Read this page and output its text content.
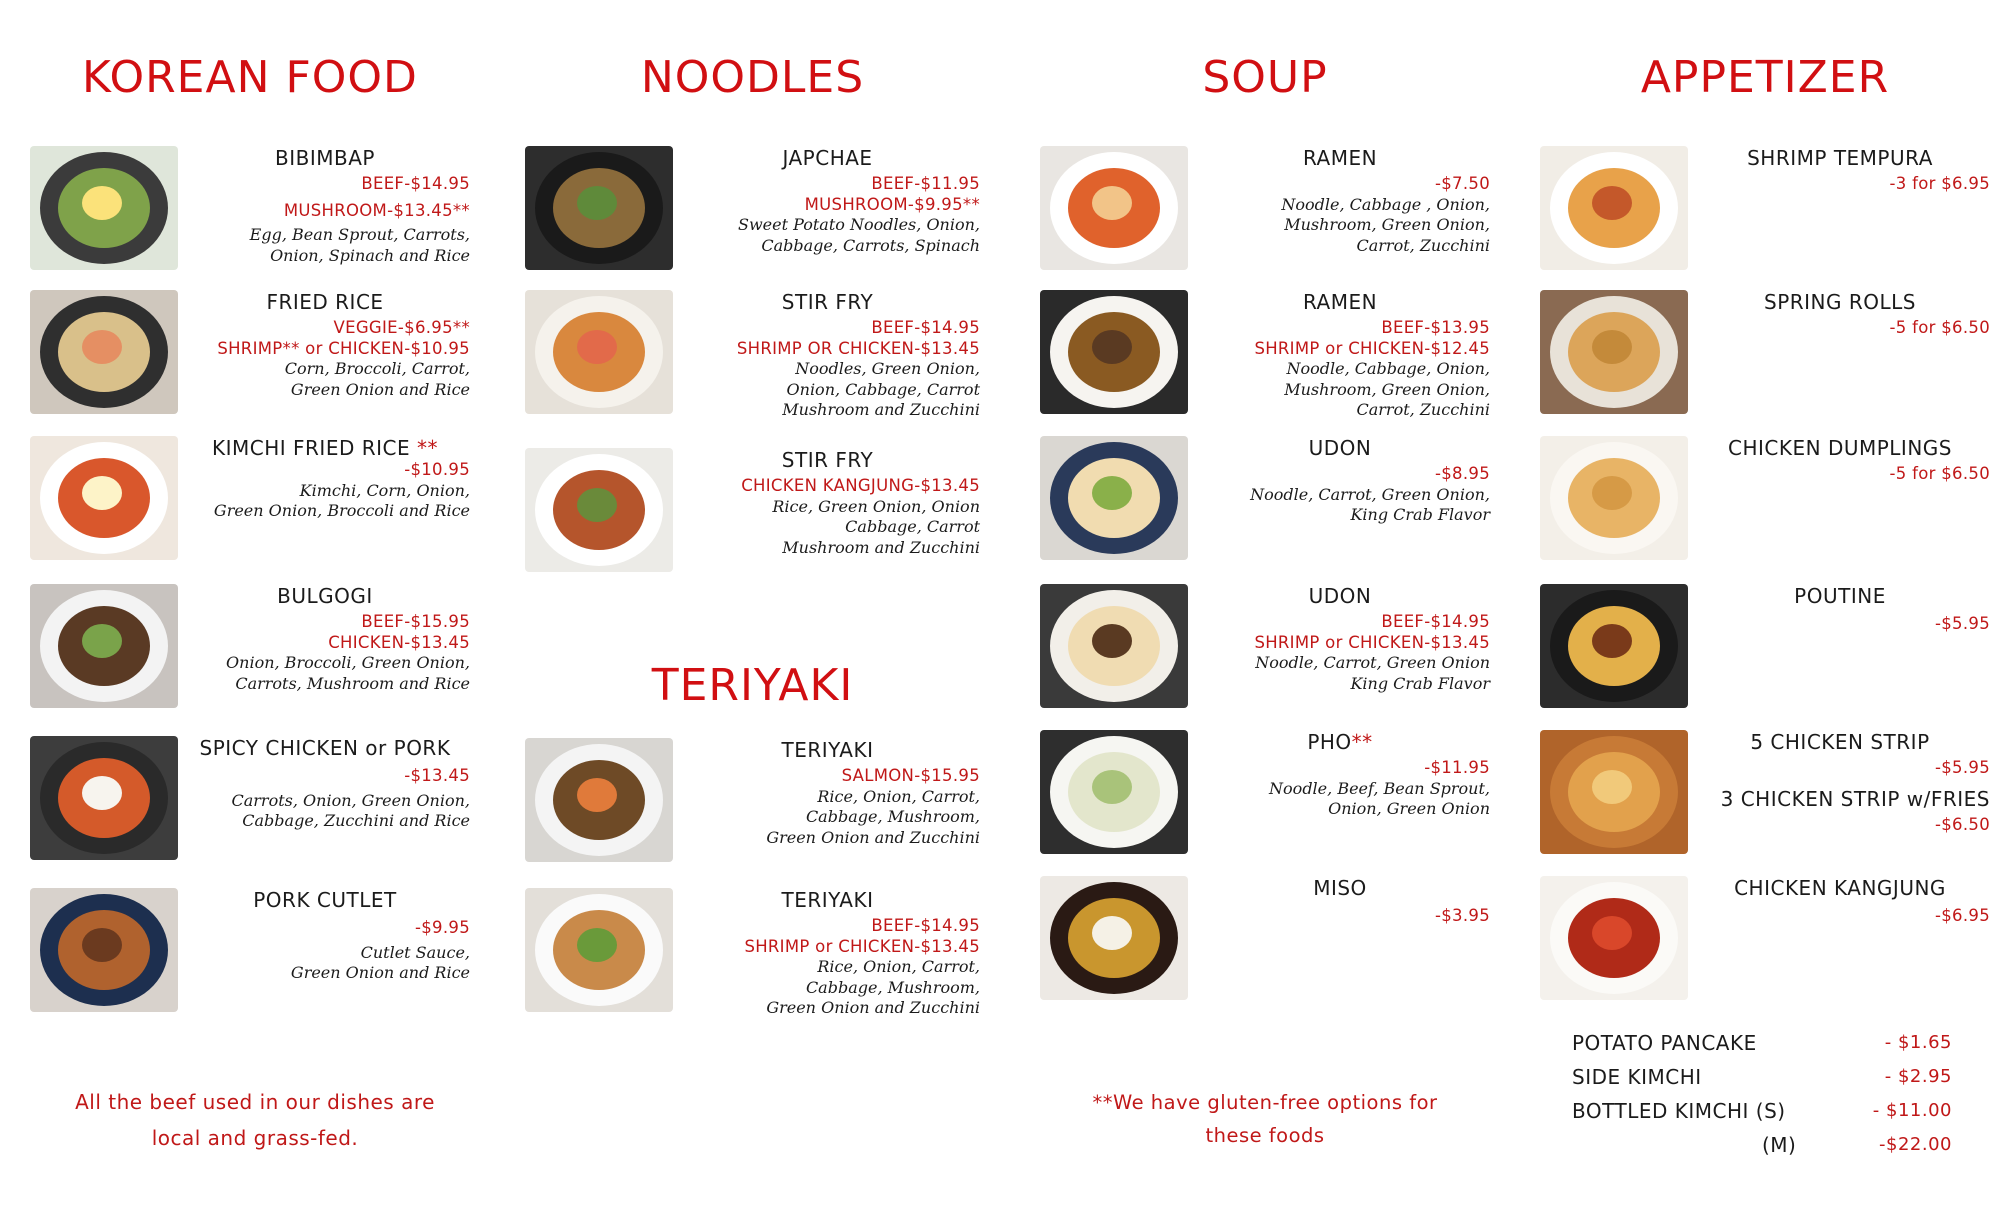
KOREAN FOOD
BIBIMBAP
BEEF-$14.95
MUSHROOM-$13.45**
Egg, Bean Sprout, Carrots,
Onion, Spinach and Rice
FRIED RICE
VEGGIE-$6.95**
SHRIMP** or CHICKEN-$10.95
Corn, Broccoli, Carrot,
Green Onion and Rice
KIMCHI FRIED RICE **
-$10.95
Kimchi, Corn, Onion,
Green Onion, Broccoli and Rice
BULGOGI
BEEF-$15.95
CHICKEN-$13.45
Onion, Broccoli, Green Onion,
Carrots, Mushroom and Rice
SPICY CHICKEN or PORK
-$13.45
Carrots, Onion, Green Onion,
Cabbage, Zucchini and Rice
PORK CUTLET
-$9.95
Cutlet Sauce,
Green Onion and Rice
All the beef used in our dishes are
local and grass-fed.
NOODLES
JAPCHAE
BEEF-$11.95
MUSHROOM-$9.95**
Sweet Potato Noodles, Onion,
Cabbage, Carrots, Spinach
STIR FRY
BEEF-$14.95
SHRIMP OR CHICKEN-$13.45
Noodles, Green Onion,
Onion, Cabbage, Carrot
Mushroom and Zucchini
STIR FRY
CHICKEN KANGJUNG-$13.45
Rice, Green Onion, Onion
Cabbage, Carrot
Mushroom and Zucchini
TERIYAKI
TERIYAKI
SALMON-$15.95
Rice, Onion, Carrot,
Cabbage, Mushroom,
Green Onion and Zucchini
TERIYAKI
BEEF-$14.95
SHRIMP or CHICKEN-$13.45
Rice, Onion, Carrot,
Cabbage, Mushroom,
Green Onion and Zucchini
SOUP
RAMEN
-$7.50
Noodle, Cabbage , Onion,
Mushroom, Green Onion,
Carrot, Zucchini
RAMEN
BEEF-$13.95
SHRIMP or CHICKEN-$12.45
Noodle, Cabbage, Onion,
Mushroom, Green Onion,
Carrot, Zucchini
UDON
-$8.95
Noodle, Carrot, Green Onion,
King Crab Flavor
UDON
BEEF-$14.95
SHRIMP or CHICKEN-$13.45
Noodle, Carrot, Green Onion
King Crab Flavor
PHO**
-$11.95
Noodle, Beef, Bean Sprout,
Onion, Green Onion
MISO
-$3.95
**We have gluten-free options for
these foods
APPETIZER
SHRIMP TEMPURA
-3 for $6.95
SPRING ROLLS
-5 for $6.50
CHICKEN DUMPLINGS
-5 for $6.50
POUTINE
-$5.95
5 CHICKEN STRIP
-$5.95
3 CHICKEN STRIP w/FRIES
-$6.50
CHICKEN KANGJUNG
-$6.95
POTATO PANCAKE	- $1.65
SIDE KIMCHI	- $2.95
BOTTLED KIMCHI (S)	- $11.00
(M)	-$22.00
